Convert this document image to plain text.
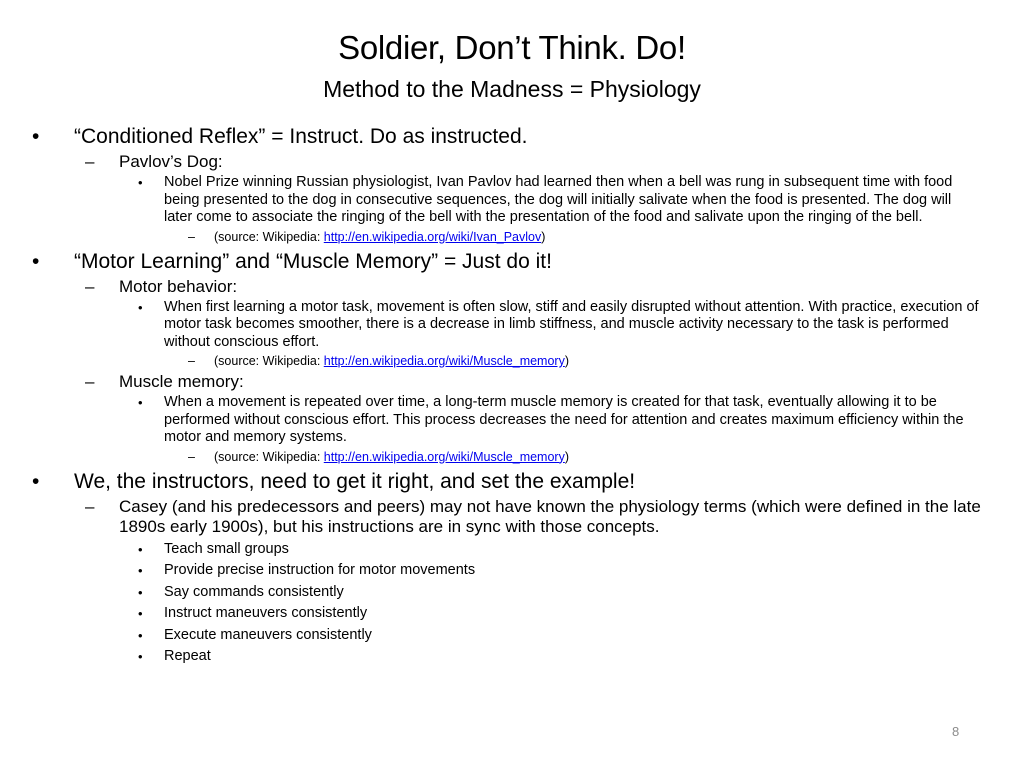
Soldier, Don’t Think. Do!
Method to the Madness = Physiology
• “Conditioned Reflex” = Instruct. Do as instructed.
– Pavlov’s Dog:
• Nobel Prize winning Russian physiologist, Ivan Pavlov had learned then when a bell was rung in subsequent time with food being presented to the dog in consecutive sequences, the dog will initially salivate when the food is presented. The dog will later come to associate the ringing of the bell with the presentation of the food and salivate upon the ringing of the bell.
– (source: Wikipedia: http://en.wikipedia.org/wiki/Ivan_Pavlov)
• “Motor Learning” and “Muscle Memory” = Just do it!
– Motor behavior:
• When first learning a motor task, movement is often slow, stiff and easily disrupted without attention. With practice, execution of motor task becomes smoother, there is a decrease in limb stiffness, and muscle activity necessary to the task is performed without conscious effort.
– (source: Wikipedia: http://en.wikipedia.org/wiki/Muscle_memory)
– Muscle memory:
• When a movement is repeated over time, a long-term muscle memory is created for that task, eventually allowing it to be performed without conscious effort. This process decreases the need for attention and creates maximum efficiency within the motor and memory systems.
– (source: Wikipedia: http://en.wikipedia.org/wiki/Muscle_memory)
• We, the instructors, need to get it right, and set the example!
– Casey (and his predecessors and peers) may not have known the physiology terms (which were defined in the late 1890s early 1900s), but his instructions are in sync with those concepts.
• Teach small groups
• Provide precise instruction for motor movements
• Say commands consistently
• Instruct maneuvers consistently
• Execute maneuvers consistently
• Repeat
8
